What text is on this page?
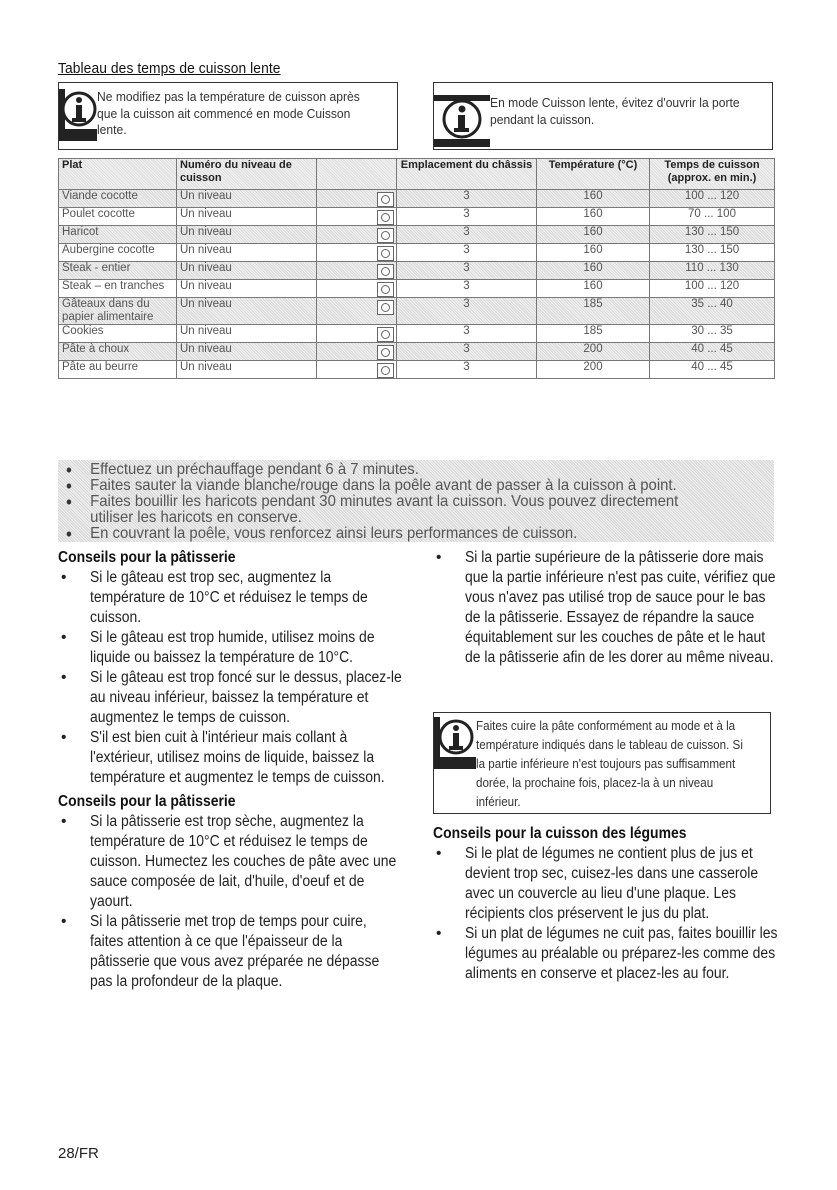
Tableau des temps de cuisson lente
Ne modifiez pas la température de cuisson après que la cuisson ait commencé en mode Cuisson lente.
En mode Cuisson lente, évitez d'ouvrir la porte pendant la cuisson.
Plat	Numéro du niveau de cuisson		Emplacement du châssis	Température (°C)	Temps de cuisson (approx. en min.)
Viande cocotte	Un niveau		3	160	100 ... 120
Poulet cocotte	Un niveau		3	160	70 ... 100
Haricot	Un niveau		3	160	130 ... 150
Aubergine cocotte	Un niveau		3	160	130 ... 150
Steak - entier	Un niveau		3	160	110 ... 130
Steak – en tranches	Un niveau		3	160	100 ... 120
Gâteaux dans du papier alimentaire	Un niveau		3	185	35 ... 40
Cookies	Un niveau		3	185	30 ... 35
Pâte à choux	Un niveau		3	200	40 ... 45
Pâte au beurre	Un niveau		3	200	40 ... 45
• Effectuez un préchauffage pendant 6 à 7 minutes.
• Faites sauter la viande blanche/rouge dans la poêle avant de passer à la cuisson à point.
• Faites bouillir les haricots pendant 30 minutes avant la cuisson. Vous pouvez directement utiliser les haricots en conserve.
• En couvrant la poêle, vous renforcez ainsi leurs performances de cuisson.
Conseils pour la pâtisserie
• Si le gâteau est trop sec, augmentez la température de 10°C et réduisez le temps de cuisson.
• Si le gâteau est trop humide, utilisez moins de liquide ou baissez la température de 10°C.
• Si le gâteau est trop foncé sur le dessus, placez-le au niveau inférieur, baissez la température et augmentez le temps de cuisson.
• S'il est bien cuit à l'intérieur mais collant à l'extérieur, utilisez moins de liquide, baissez la température et augmentez le temps de cuisson.
Conseils pour la pâtisserie
• Si la pâtisserie est trop sèche, augmentez la température de 10°C et réduisez le temps de cuisson. Humectez les couches de pâte avec une sauce composée de lait, d'huile, d'oeuf et de yaourt.
• Si la pâtisserie met trop de temps pour cuire, faites attention à ce que l'épaisseur de la pâtisserie que vous avez préparée ne dépasse pas la profondeur de la plaque.
• Si la partie supérieure de la pâtisserie dore mais que la partie inférieure n'est pas cuite, vérifiez que vous n'avez pas utilisé trop de sauce pour le bas de la pâtisserie. Essayez de répandre la sauce équitablement sur les couches de pâte et le haut de la pâtisserie afin de les dorer au même niveau.
Faites cuire la pâte conformément au mode et à la température indiqués dans le tableau de cuisson. Si la partie inférieure n'est toujours pas suffisamment dorée, la prochaine fois, placez-la à un niveau inférieur.
Conseils pour la cuisson des légumes
• Si le plat de légumes ne contient plus de jus et devient trop sec, cuisez-les dans une casserole avec un couvercle au lieu d'une plaque. Les récipients clos préservent le jus du plat.
• Si un plat de légumes ne cuit pas, faites bouillir les légumes au préalable ou préparez-les comme des aliments en conserve et placez-les au four.
28/FR
